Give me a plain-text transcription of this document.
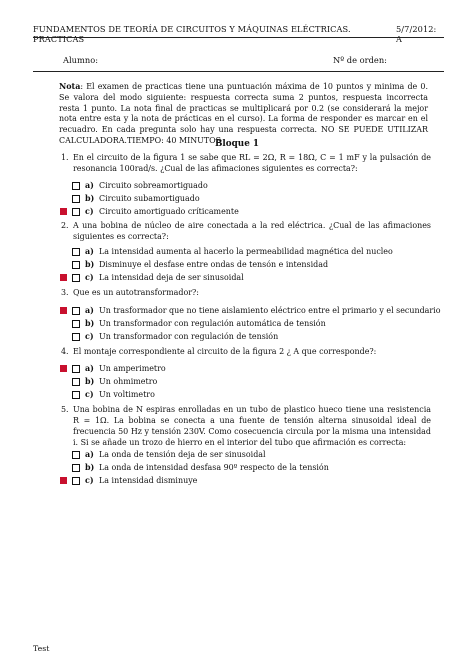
FUNDAMENTOS DE TEORÍA DE CIRCUITOS Y MÁQUINAS ELÉCTRICAS. PRACTICAS
5/7/2012: A
Alumno:	Nº de orden:
Nota: El examen de practicas tiene una puntuación máxima de 10 puntos y minima de 0. Se valora del modo siguiente: respuesta correcta suma 2 puntos, respuesta incorrecta resta 1 punto. La nota final de practicas se multiplicará por 0.2 (se considerará la mejor nota entre esta y la nota de prácticas en el curso). La forma de responder es marcar en el recuadro. En cada pregunta solo hay una respuesta correcta. NO SE PUEDE UTILIZAR CALCULADORA.TIEMPO: 40 MINUTOS
Bloque 1
1. En el circuito de la figura 1 se sabe que RL = 2Ω, R = 18Ω, C = 1 mF y la pulsación de resonancia 100rad/s. ¿Cual de las afimaciones siguientes es correcta?:
a) Circuito sobreamortiguado
b) Circuito subamortiguado
c) Circuito amortiguado críticamente
2. A una bobina de núcleo de aire conectada a la red eléctrica. ¿Cual de las afimaciones siguientes es correcta?:
a) La intensidad aumenta al hacerlo la permeabilidad magnética del nucleo
b) Disminuye el desfase entre ondas de tensón e intensidad
c) La intensidad deja de ser sinusoidal
3. Que es un autotransformador?:
a) Un trasformador que no tiene aislamiento eléctrico entre el primario y el secundario
b) Un transformador con regulación automática de tensión
c) Un transformador con regulación de tensión
4. El montaje correspondiente al circuito de la figura 2 ¿ A que corresponde?:
a) Un amperimetro
b) Un ohmimetro
c) Un voltimetro
5. Una bobina de N espiras enrolladas en un tubo de plastico hueco tiene una resistencia R = 1Ω. La bobina se conecta a una fuente de tensión alterna sinusoidal ideal de frecuencia 50 Hz y tensión 230V. Como cosecuencia circula por la misma una intensidad i. Si se añade un trozo de hierro en el interior del tubo que afirmación es correcta:
a) La onda de tensión deja de ser sinusoidal
b) La onda de intensidad desfasa 90º respecto de la tensión
c) La intensidad disminuye
Test
